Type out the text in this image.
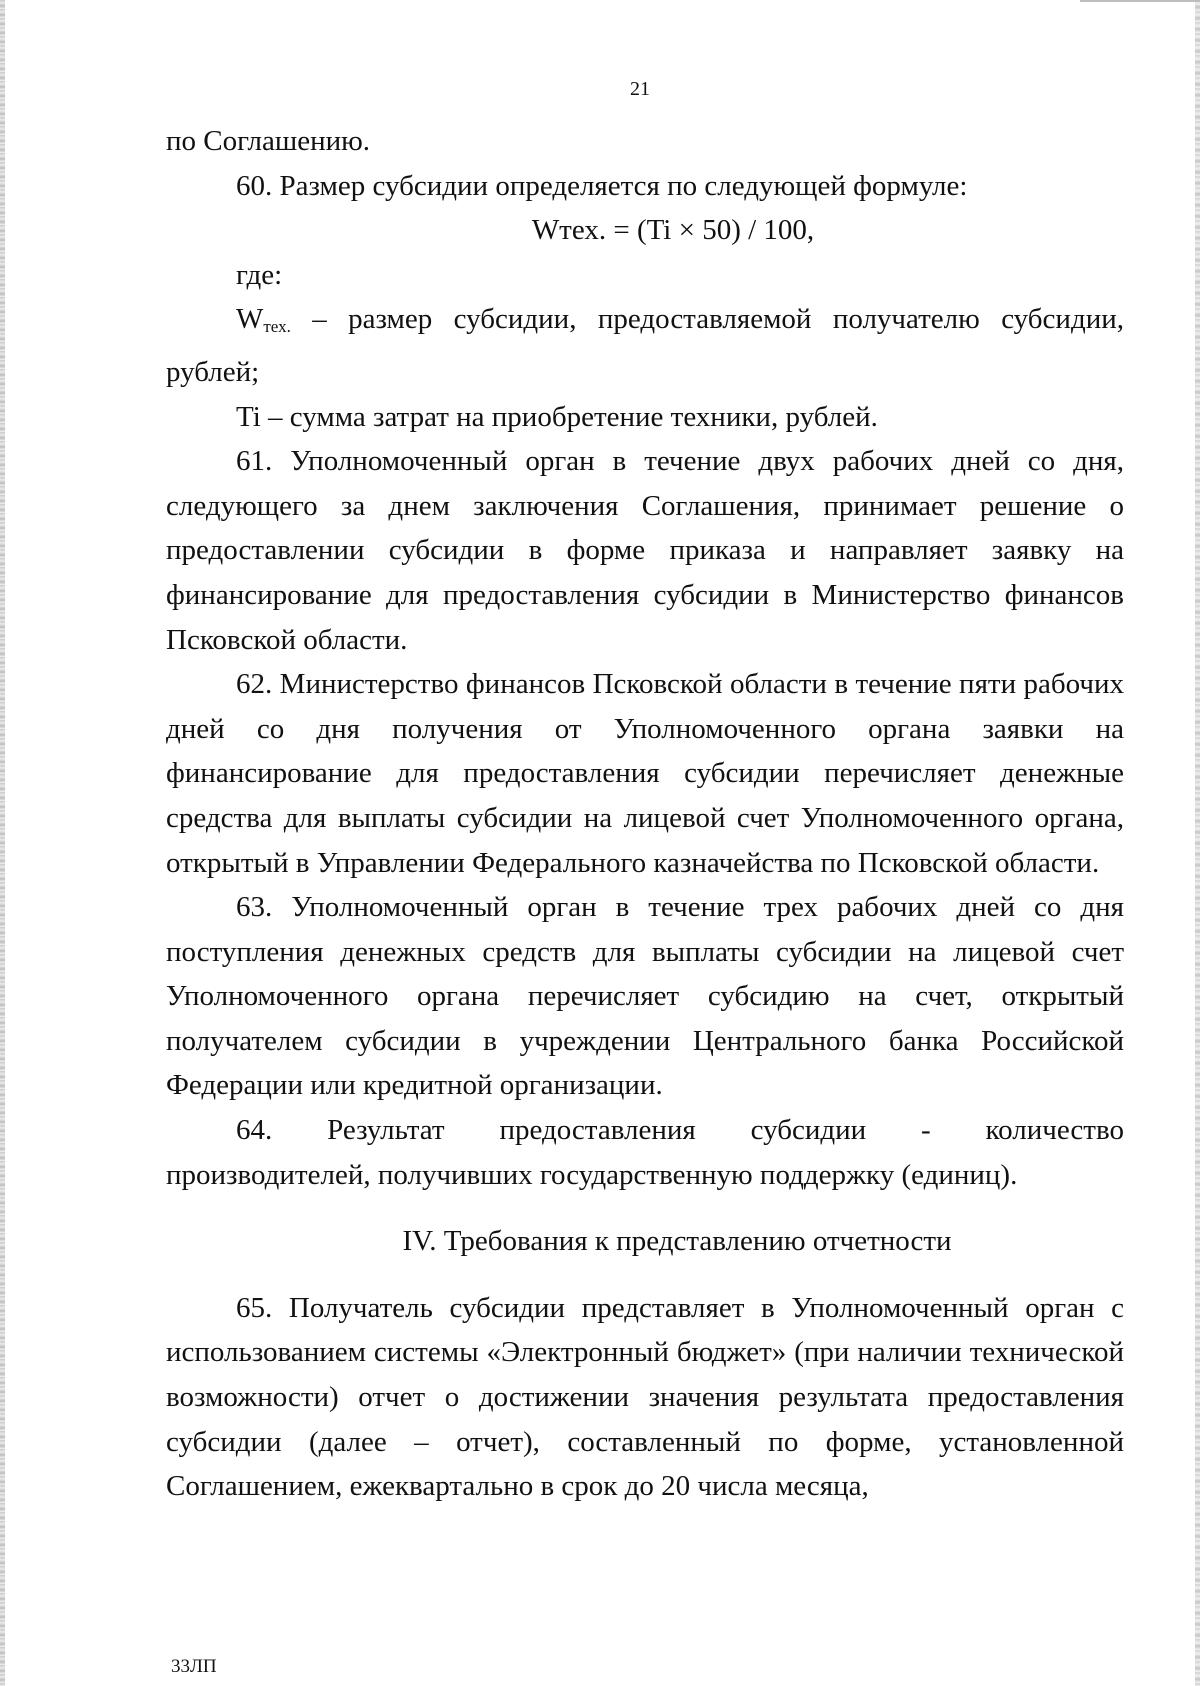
21

по Соглашению.

60. Размер субсидии определяется по следующей формуле:

Wтех. = (Ti × 50) / 100,

где:

$W_{тех.}$ – размер субсидии, предоставляемой получателю субсидии, рублей;

Ti – сумма затрат на приобретение техники, рублей.

61. Уполномоченный орган в течение двух рабочих дней со дня, следующего за днем заключения Соглашения, принимает решение о предоставлении субсидии в форме приказа и направляет заявку на финансирование для предоставления субсидии в Министерство финансов Псковской области.

62. Министерство финансов Псковской области в течение пяти рабочих дней со дня получения от Уполномоченного органа заявки на финансирование для предоставления субсидии перечисляет денежные средства для выплаты субсидии на лицевой счет Уполномоченного органа, открытый в Управлении Федерального казначейства по Псковской области.

63. Уполномоченный орган в течение трех рабочих дней со дня поступления денежных средств для выплаты субсидии на лицевой счет Уполномоченного органа перечисляет субсидию на счет, открытый получателем субсидии в учреждении Центрального банка Российской Федерации или кредитной организации.

64. Результат предоставления субсидии - количество

производителей, получивших государственную поддержку (единиц).

IV. Требования к представлению отчетности

65. Получатель субсидии представляет в Уполномоченный орган с использованием системы «Электронный бюджет» (при наличии технической возможности) отчет о достижении значения результата предоставления субсидии (далее – отчет), составленный по форме, установленной Соглашением, ежеквартально в срок до 20 числа месяца,

33ЛП
